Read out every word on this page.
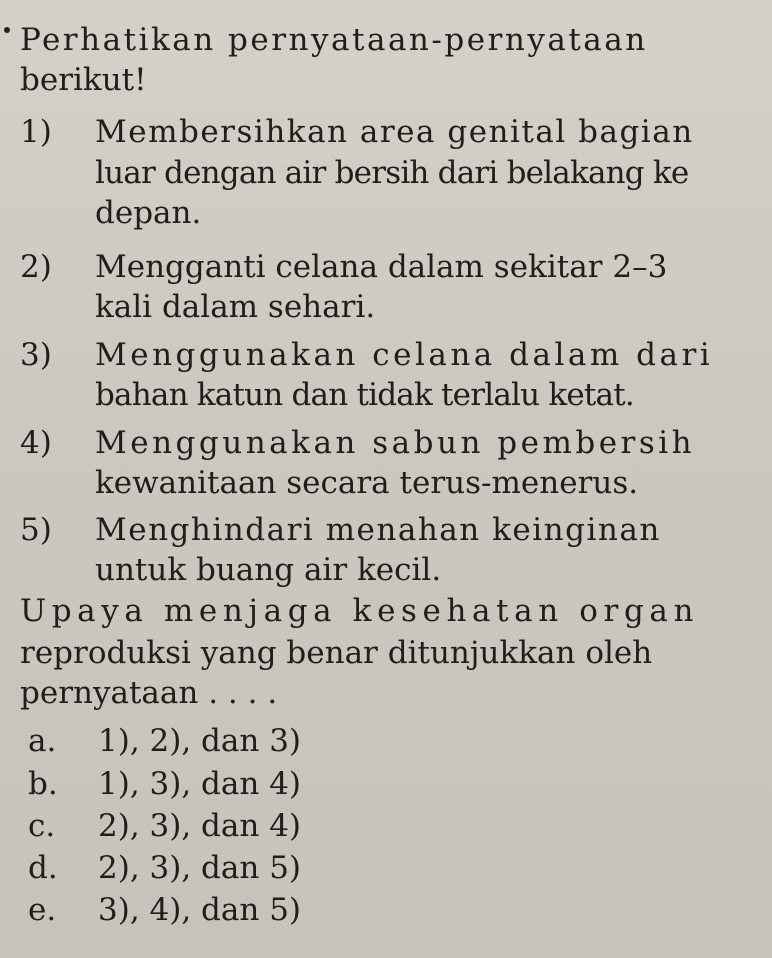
Perhatikan pernyataan-pernyataan
berikut!
1) Membersihkan area genital bagian
luar dengan air bersih dari belakang ke
depan.
2) Mengganti celana dalam sekitar 2–3
kali dalam sehari.
3) Menggunakan celana dalam dari
bahan katun dan tidak terlalu ketat.
4) Menggunakan sabun pembersih
kewanitaan secara terus-menerus.
5) Menghindari menahan keinginan
untuk buang air kecil.
Upaya menjaga kesehatan organ
reproduksi yang benar ditunjukkan oleh
pernyataan . . . .
a. 1), 2), dan 3)
b. 1), 3), dan 4)
c. 2), 3), dan 4)
d. 2), 3), dan 5)
e. 3), 4), dan 5)
